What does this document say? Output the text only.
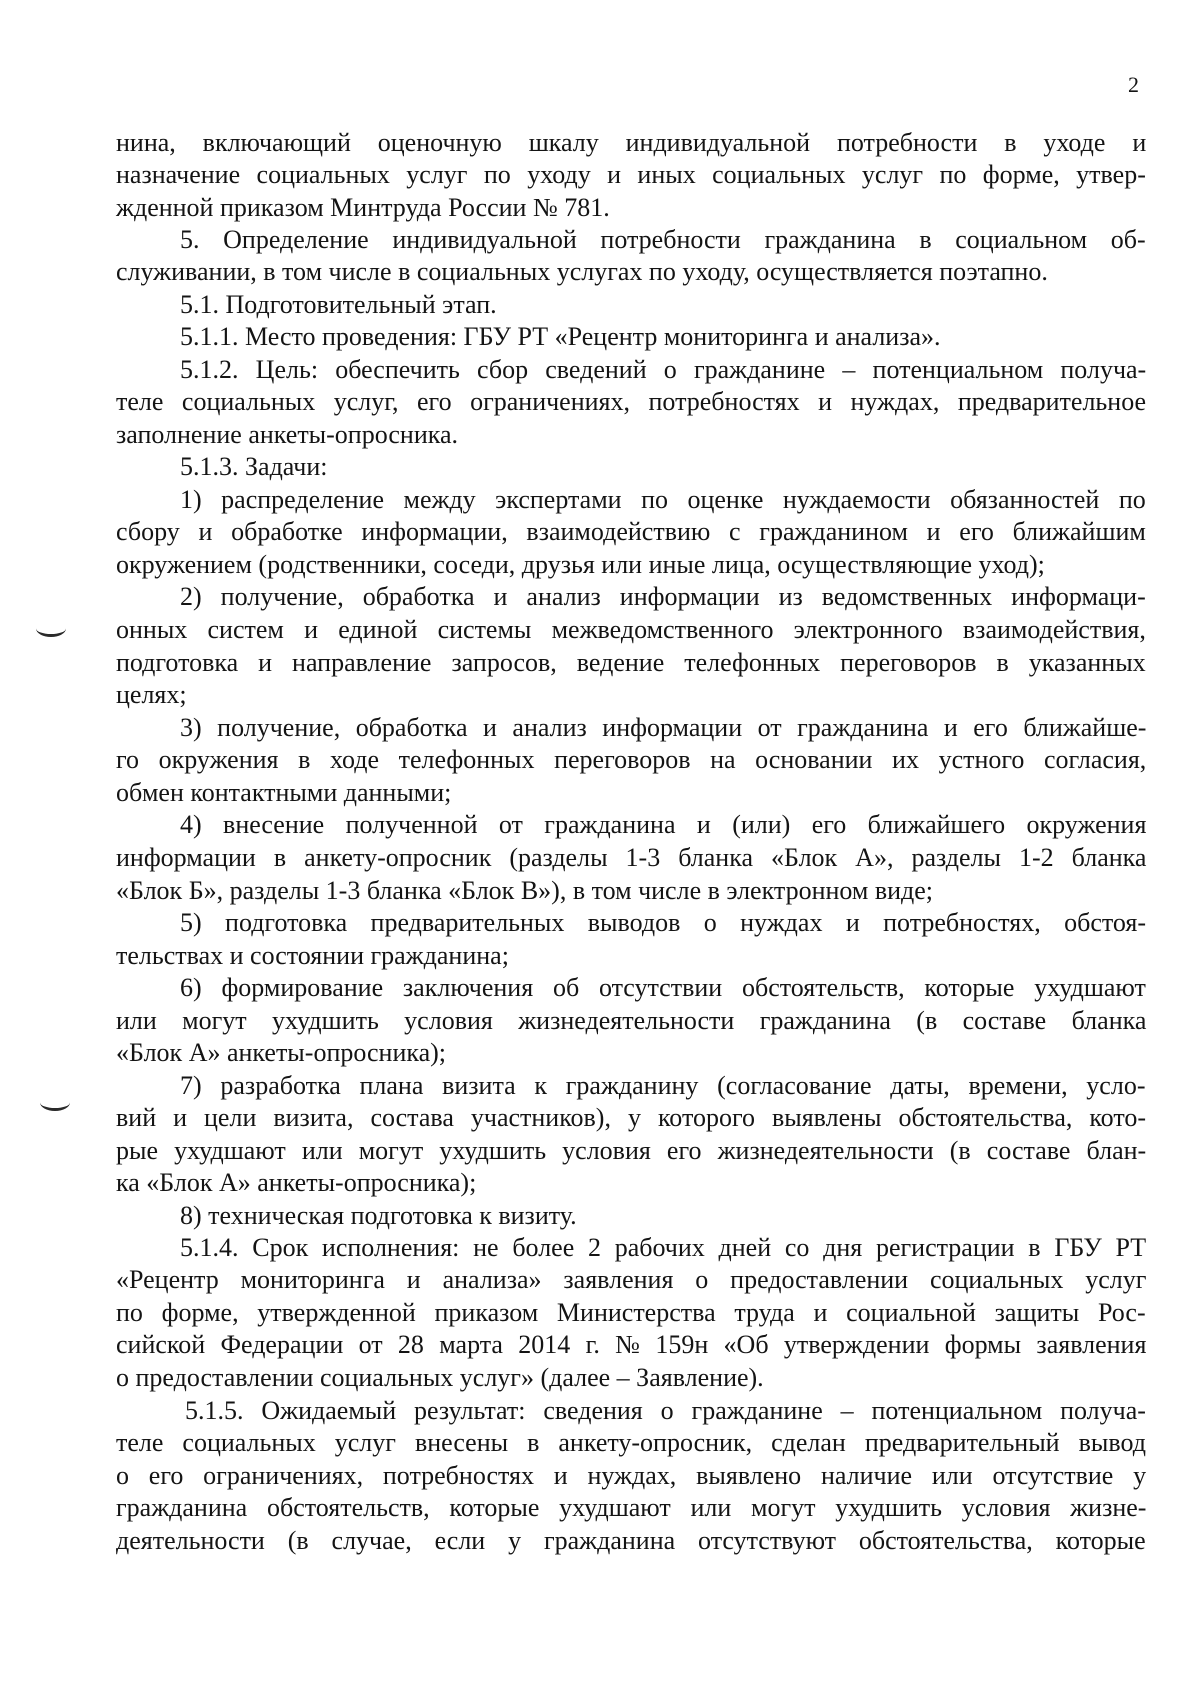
2

нина, включающий оценочную шкалу индивидуальной потребности в уходе и

назначение социальных услуг по уходу и иных социальных услуг по форме, утвер-

жденной приказом Минтруда России № 781.

5. Определение индивидуальной потребности гражданина в социальном об-

служивании, в том числе в социальных услугах по уходу, осуществляется поэтапно.

5.1. Подготовительный этап.

5.1.1. Место проведения: ГБУ РТ «Рецентр мониторинга и анализа».

5.1.2. Цель: обеспечить сбор сведений о гражданине – потенциальном получа-

теле социальных услуг, его ограничениях, потребностях и нуждах, предварительное

заполнение анкеты-опросника.

5.1.3. Задачи:

1) распределение между экспертами по оценке нуждаемости обязанностей по

сбору и обработке информации, взаимодействию с гражданином и его ближайшим

окружением (родственники, соседи, друзья или иные лица, осуществляющие уход);

2) получение, обработка и анализ информации из ведомственных информаци-

онных систем и единой системы межведомственного электронного взаимодействия,

подготовка и направление запросов, ведение телефонных переговоров в указанных

целях;

3) получение, обработка и анализ информации от гражданина и его ближайше-

го окружения в ходе телефонных переговоров на основании их устного согласия,

обмен контактными данными;

4) внесение полученной от гражданина и (или) его ближайшего окружения

информации в анкету-опросник (разделы 1-3 бланка «Блок А», разделы 1-2 бланка

«Блок Б», разделы 1-3 бланка «Блок В»), в том числе в электронном виде;

5) подготовка предварительных выводов о нуждах и потребностях, обстоя-

тельствах и состоянии гражданина;

6) формирование заключения об отсутствии обстоятельств, которые ухудшают

или могут ухудшить условия жизнедеятельности гражданина (в составе бланка

«Блок А» анкеты-опросника);

7) разработка плана визита к гражданину (согласование даты, времени, усло-

вий и цели визита, состава участников), у которого выявлены обстоятельства, кото-

рые ухудшают или могут ухудшить условия его жизнедеятельности (в составе блан-

ка «Блок А» анкеты-опросника);

8) техническая подготовка к визиту.

5.1.4. Срок исполнения: не более 2 рабочих дней со дня регистрации в ГБУ РТ

«Рецентр мониторинга и анализа» заявления о предоставлении социальных услуг

по форме, утвержденной приказом Министерства труда и социальной защиты Рос-

сийской Федерации от 28 марта 2014 г. № 159н «Об утверждении формы заявления

о предоставлении социальных услуг» (далее – Заявление).

5.1.5. Ожидаемый результат: сведения о гражданине – потенциальном получа-

теле социальных услуг внесены в анкету-опросник, сделан предварительный вывод

о его ограничениях, потребностях и нуждах, выявлено наличие или отсутствие у

гражданина обстоятельств, которые ухудшают или могут ухудшить условия жизне-

деятельности (в случае, если у гражданина отсутствуют обстоятельства, которые
